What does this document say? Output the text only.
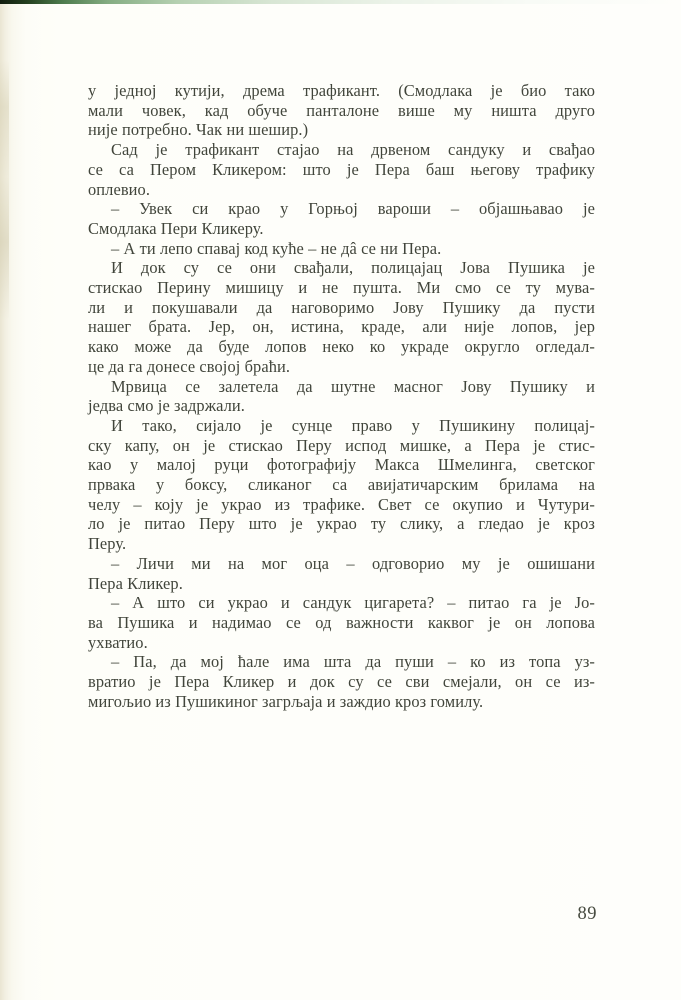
у једној кутији, дрема трафикант. (Смодлака је био тако
мали човек, кад обуче панталоне више му ништа друго
није потребно. Чак ни шешир.)
Сад је трафикант стајао на дрвеном сандуку и свађао
се са Пером Кликером: што је Пера баш његову трафику
оплевио.
– Увек си крао у Горњој вароши – објашњавао је
Смодлака Пери Кликеру.
– А ти лепо спавај код куће – не дâ се ни Пера.
И док су се они свађали, полицајац Јова Пушика је
стискао Перину мишицу и не пушта. Ми смо се ту мува-
ли и покушавали да наговоримо Јову Пушику да пусти
нашег брата. Јер, он, истина, краде, али није лопов, јер
како може да буде лопов неко ко украде округло огледал-
це да га донесе својој браћи.
Мрвица се залетела да шутне масног Јову Пушику и
једва смо је задржали.
И тако, сијало је сунце право у Пушикину полицај-
ску капу, он је стискао Перу испод мишке, а Пера је стис-
као у малој руци фотографију Макса Шмелинга, светског
првака у боксу, сликаног са авијатичарским брилама на
челу – коју је украо из трафике. Свет се окупио и Чутури-
ло је питао Перу што је украо ту слику, а гледао је кроз
Перу.
– Личи ми на мог оца – одговорио му је ошишани
Пера Кликер.
– А што си украо и сандук цигарета? – питао га је Јо-
ва Пушика и надимао се од важности каквог је он лопова
ухватио.
– Па, да мој ћале има шта да пуши – ко из топа уз-
вратио је Пера Кликер и док су се сви смејали, он се из-
мигољио из Пушикиног загрљаја и заждио кроз гомилу.
89
